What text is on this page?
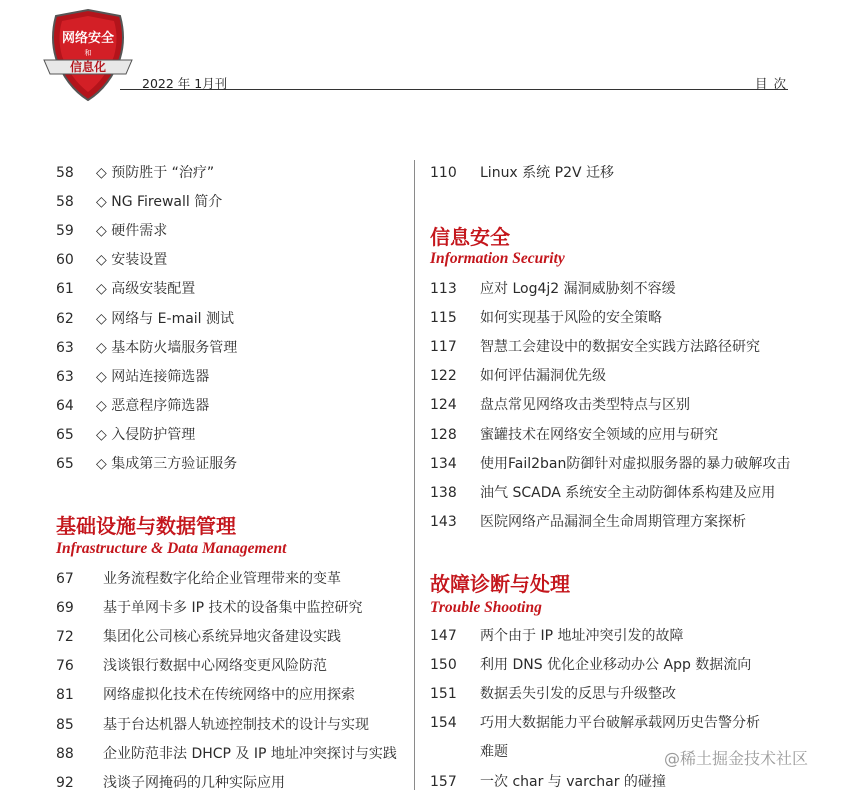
网络安全
和
信息化
2022 年 1月刊	目次
58 ◇ 预防胜于 “治疗”
58 ◇ NG Firewall 简介
59 ◇ 硬件需求
60 ◇ 安装设置
61 ◇ 高级安装配置
62 ◇ 网络与 E-mail 测试
63 ◇ 基本防火墙服务管理
63 ◇ 网站连接筛选器
64 ◇ 恶意程序筛选器
65 ◇ 入侵防护管理
65 ◇ 集成第三方验证服务
基础设施与数据管理
Infrastructure & Data Management
67 业务流程数字化给企业管理带来的变革
69 基于单网卡多 IP 技术的设备集中监控研究
72 集团化公司核心系统异地灾备建设实践
76 浅谈银行数据中心网络变更风险防范
81 网络虚拟化技术在传统网络中的应用探索
85 基于台达机器人轨迹控制技术的设计与实现
88 企业防范非法 DHCP 及 IP 地址冲突探讨与实践
92 浅谈子网掩码的几种实际应用
110 Linux 系统 P2V 迁移
信息安全
Information Security
113 应对 Log4j2 漏洞威胁刻不容缓
115 如何实现基于风险的安全策略
117 智慧工会建设中的数据安全实践方法路径研究
122 如何评估漏洞优先级
124 盘点常见网络攻击类型特点与区别
128 蜜罐技术在网络安全领域的应用与研究
134 使用Fail2ban防御针对虚拟服务器的暴力破解攻击
138 油气 SCADA 系统安全主动防御体系构建及应用
143 医院网络产品漏洞全生命周期管理方案探析
故障诊断与处理
Trouble Shooting
147 两个由于 IP 地址冲突引发的故障
150 利用 DNS 优化企业移动办公 App 数据流向
151 数据丢失引发的反思与升级整改
154 巧用大数据能力平台破解承载网历史告警分析
难题
157 一次 char 与 varchar 的碰撞
@稀土掘金技术社区
